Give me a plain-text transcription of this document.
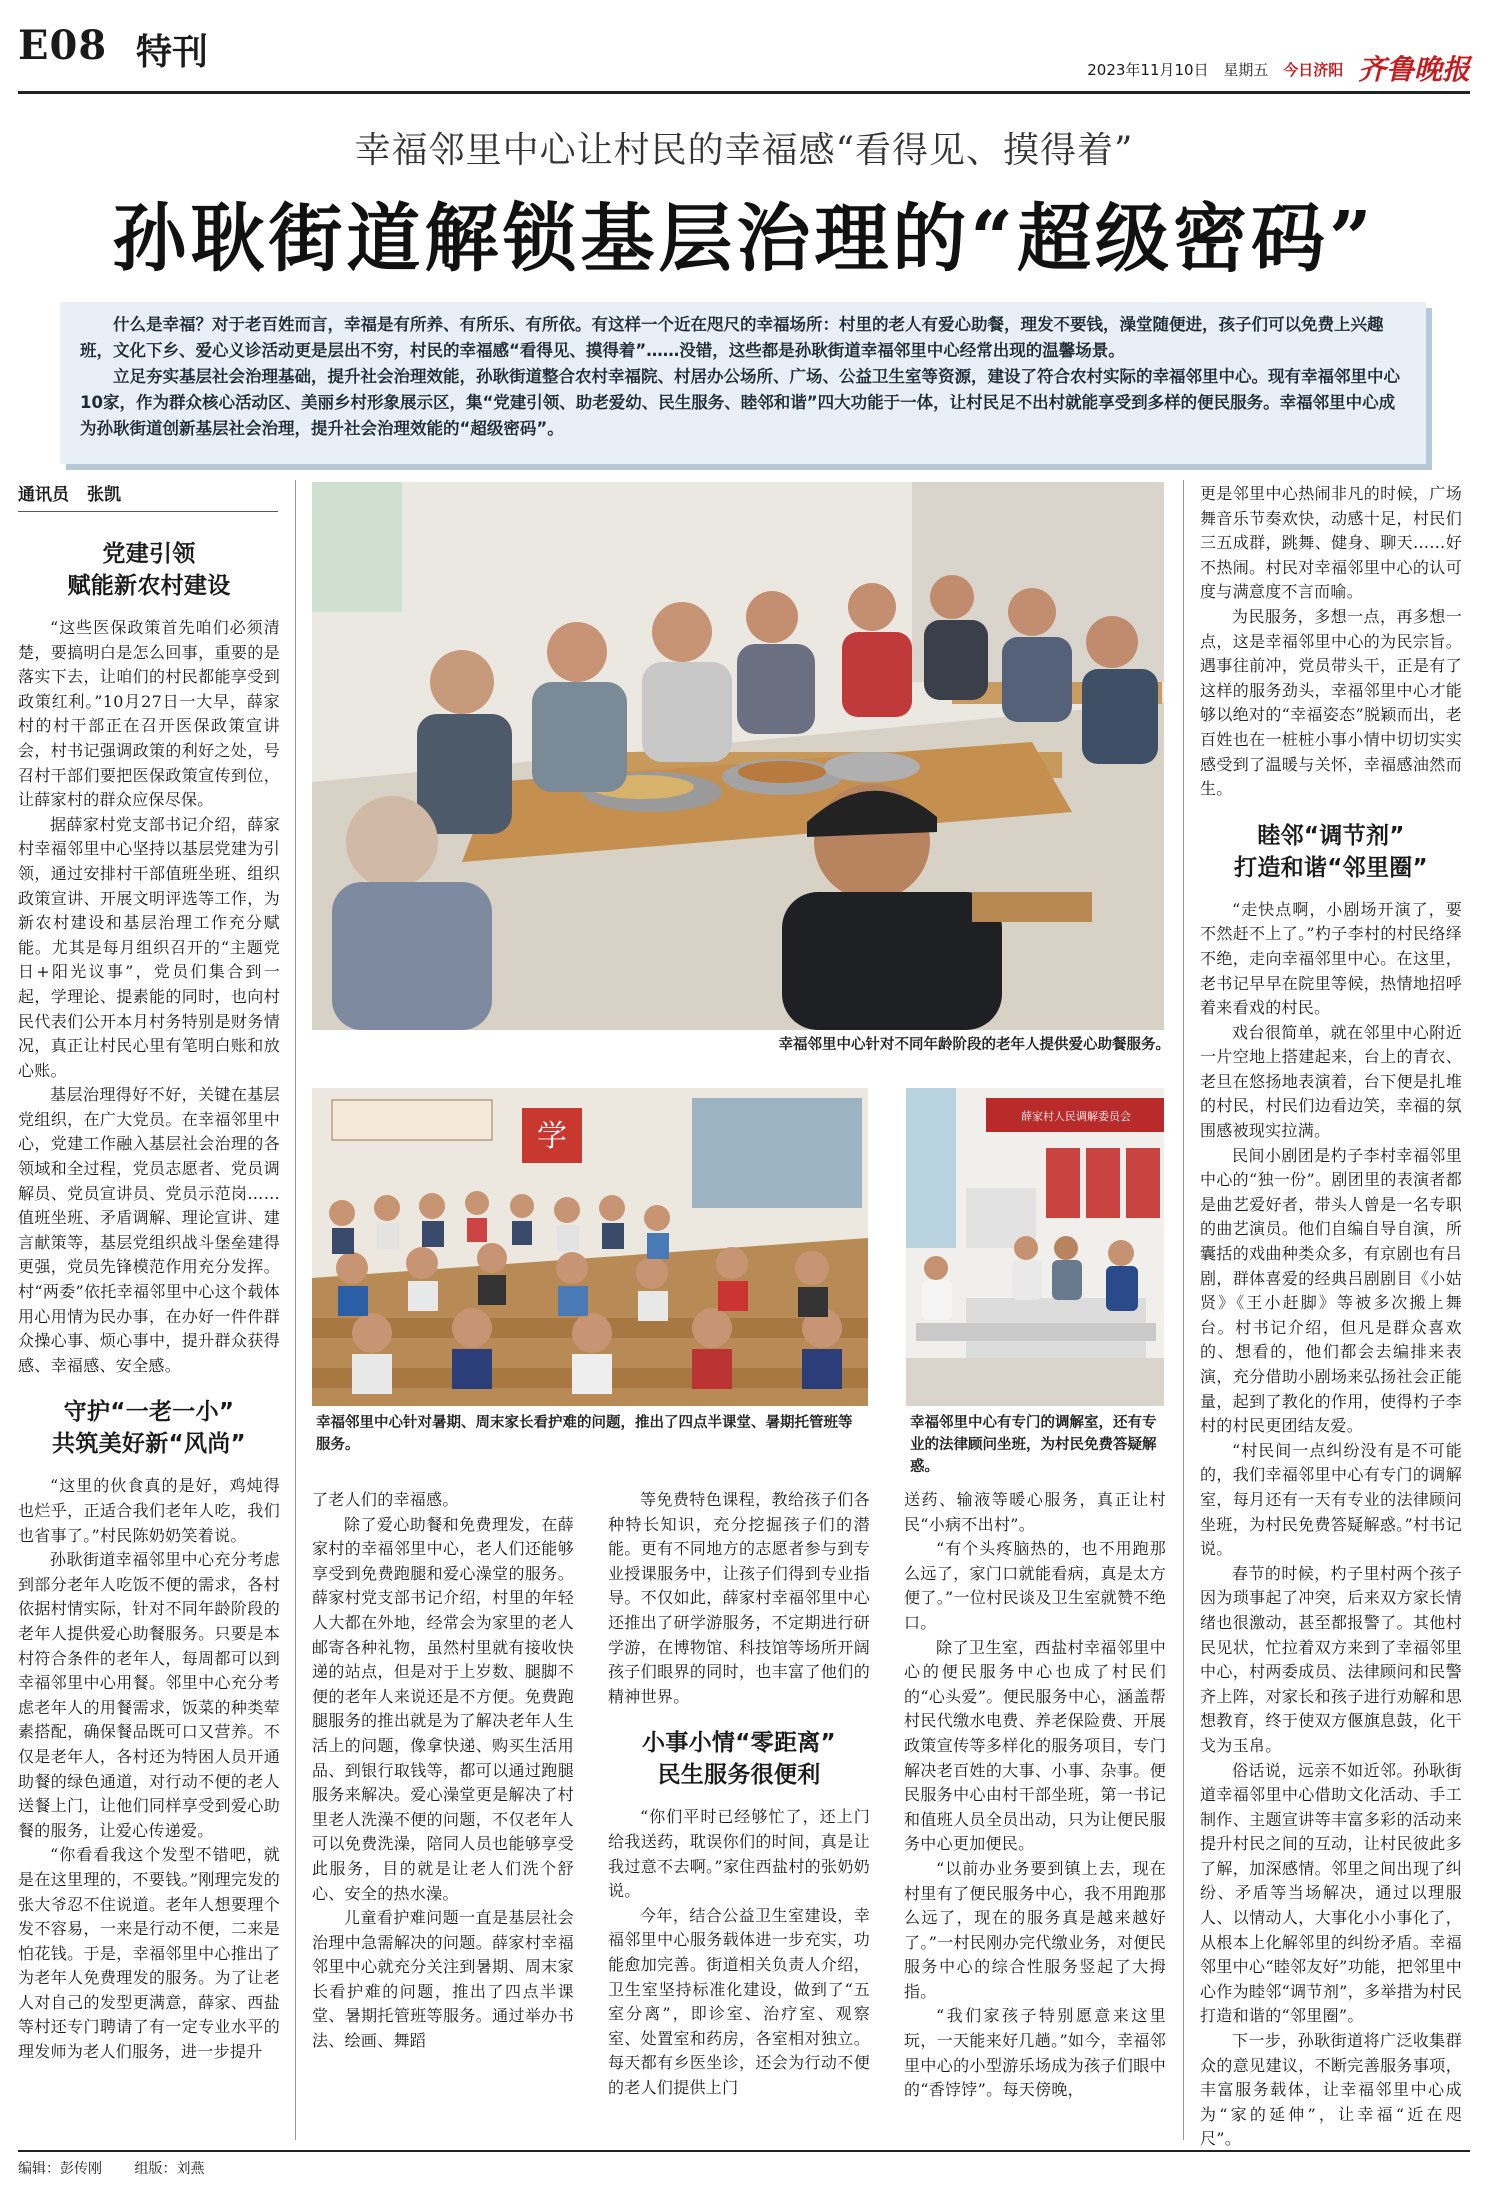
E08 特刊	2023年11月10日 星期五 今日济阳 齐鲁晚报
幸福邻里中心让村民的幸福感“看得见、摸得着”
孙耿街道解锁基层治理的“超级密码”

什么是幸福？对于老百姓而言，幸福是有所养、有所乐、有所依。有这样一个近在咫尺的幸福场所：村里的老人有爱心助餐，理发不要钱，澡堂随便进，孩子们可以免费上兴趣班，文化下乡、爱心义诊活动更是层出不穷，村民的幸福感“看得见、摸得着”……没错，这些都是孙耿街道幸福邻里中心经常出现的温馨场景。

立足夯实基层社会治理基础，提升社会治理效能，孙耿街道整合农村幸福院、村居办公场所、广场、公益卫生室等资源，建设了符合农村实际的幸福邻里中心。现有幸福邻里中心10家，作为群众核心活动区、美丽乡村形象展示区，集“党建引领、助老爱幼、民生服务、睦邻和谐”四大功能于一体，让村民足不出村就能享受到多样的便民服务。幸福邻里中心成为孙耿街道创新基层社会治理，提升社会治理效能的“超级密码”。

通讯员 张凯
党建引领
赋能新农村建设

“这些医保政策首先咱们必须清楚，要搞明白是怎么回事，重要的是落实下去，让咱们的村民都能享受到政策红利。”10月27日一大早，薛家村的村干部正在召开医保政策宣讲会，村书记强调政策的利好之处，号召村干部们要把医保政策宣传到位，让薛家村的群众应保尽保。

据薛家村党支部书记介绍，薛家村幸福邻里中心坚持以基层党建为引领，通过安排村干部值班坐班、组织政策宣讲、开展文明评选等工作，为新农村建设和基层治理工作充分赋能。尤其是每月组织召开的“主题党日+阳光议事”，党员们集合到一起，学理论、提素能的同时，也向村民代表们公开本月村务特别是财务情况，真正让村民心里有笔明白账和放心账。

基层治理得好不好，关键在基层党组织，在广大党员。在幸福邻里中心，党建工作融入基层社会治理的各领域和全过程，党员志愿者、党员调解员、党员宣讲员、党员示范岗……值班坐班、矛盾调解、理论宣讲、建言献策等，基层党组织战斗堡垒建得更强，党员先锋模范作用充分发挥。村“两委”依托幸福邻里中心这个载体用心用情为民办事，在办好一件件群众操心事、烦心事中，提升群众获得感、幸福感、安全感。

守护“一老一小”
共筑美好新“风尚”

“这里的伙食真的是好，鸡炖得也烂乎，正适合我们老年人吃，我们也省事了。”村民陈奶奶笑着说。

孙耿街道幸福邻里中心充分考虑到部分老年人吃饭不便的需求，各村依据村情实际，针对不同年龄阶段的老年人提供爱心助餐服务。只要是本村符合条件的老年人，每周都可以到幸福邻里中心用餐。邻里中心充分考虑老年人的用餐需求，饭菜的种类荤素搭配，确保餐品既可口又营养。不仅是老年人，各村还为特困人员开通助餐的绿色通道，对行动不便的老人送餐上门，让他们同样享受到爱心助餐的服务，让爱心传递爱。

“你看看我这个发型不错吧，就是在这里理的，不要钱。”刚理完发的张大爷忍不住说道。老年人想要理个发不容易，一来是行动不便，二来是怕花钱。于是，幸福邻里中心推出了为老年人免费理发的服务。为了让老人对自己的发型更满意，薛家、西盐等村还专门聘请了有一定专业水平的理发师为老人们服务，进一步提升

幸福邻里中心针对不同年龄阶段的老年人提供爱心助餐服务。
学
幸福邻里中心针对暑期、周末家长看护难的问题，推出了四点半课堂、暑期托管班等服务。
薛家村人民调解委员会
幸福邻里中心有专门的调解室，还有专业的法律顾问坐班，为村民免费答疑解惑。

了老人们的幸福感。

除了爱心助餐和免费理发，在薛家村的幸福邻里中心，老人们还能够享受到免费跑腿和爱心澡堂的服务。薛家村党支部书记介绍，村里的年轻人大都在外地，经常会为家里的老人邮寄各种礼物，虽然村里就有接收快递的站点，但是对于上岁数、腿脚不便的老年人来说还是不方便。免费跑腿服务的推出就是为了解决老年人生活上的问题，像拿快递、购买生活用品、到银行取钱等，都可以通过跑腿服务来解决。爱心澡堂更是解决了村里老人洗澡不便的问题，不仅老年人可以免费洗澡，陪同人员也能够享受此服务，目的就是让老人们洗个舒心、安全的热水澡。

儿童看护难问题一直是基层社会治理中急需解决的问题。薛家村幸福邻里中心就充分关注到暑期、周末家长看护难的问题，推出了四点半课堂、暑期托管班等服务。通过举办书法、绘画、舞蹈

等免费特色课程，教给孩子们各种特长知识，充分挖掘孩子们的潜能。更有不同地方的志愿者参与到专业授课服务中，让孩子们得到专业指导。不仅如此，薛家村幸福邻里中心还推出了研学游服务，不定期进行研学游，在博物馆、科技馆等场所开阔孩子们眼界的同时，也丰富了他们的精神世界。

小事小情“零距离”
民生服务很便利

“你们平时已经够忙了，还上门给我送药，耽误你们的时间，真是让我过意不去啊。”家住西盐村的张奶奶说。

今年，结合公益卫生室建设，幸福邻里中心服务载体进一步充实，功能愈加完善。街道相关负责人介绍，卫生室坚持标准化建设，做到了“五室分离”，即诊室、治疗室、观察室、处置室和药房，各室相对独立。每天都有乡医坐诊，还会为行动不便的老人们提供上门

送药、输液等暖心服务，真正让村民“小病不出村”。

“有个头疼脑热的，也不用跑那么远了，家门口就能看病，真是太方便了。”一位村民谈及卫生室就赞不绝口。

除了卫生室，西盐村幸福邻里中心的便民服务中心也成了村民们的“心头爱”。便民服务中心，涵盖帮村民代缴水电费、养老保险费、开展政策宣传等多样化的服务项目，专门解决老百姓的大事、小事、杂事。便民服务中心由村干部坐班，第一书记和值班人员全员出动，只为让便民服务中心更加便民。

“以前办业务要到镇上去，现在村里有了便民服务中心，我不用跑那么远了，现在的服务真是越来越好了。”一村民刚办完代缴业务，对便民服务中心的综合性服务竖起了大拇指。

“我们家孩子特别愿意来这里玩，一天能来好几趟。”如今，幸福邻里中心的小型游乐场成为孩子们眼中的“香饽饽”。每天傍晚，

更是邻里中心热闹非凡的时候，广场舞音乐节奏欢快，动感十足，村民们三五成群，跳舞、健身、聊天……好不热闹。村民对幸福邻里中心的认可度与满意度不言而喻。

为民服务，多想一点，再多想一点，这是幸福邻里中心的为民宗旨。遇事往前冲，党员带头干，正是有了这样的服务劲头，幸福邻里中心才能够以绝对的“幸福姿态”脱颖而出，老百姓也在一桩桩小事小情中切切实实感受到了温暖与关怀，幸福感油然而生。

睦邻“调节剂”
打造和谐“邻里圈”

“走快点啊，小剧场开演了，要不然赶不上了。”杓子李村的村民络绎不绝，走向幸福邻里中心。在这里，老书记早早在院里等候，热情地招呼着来看戏的村民。

戏台很简单，就在邻里中心附近一片空地上搭建起来，台上的青衣、老旦在悠扬地表演着，台下便是扎堆的村民，村民们边看边笑，幸福的氛围感被现实拉满。

民间小剧团是杓子李村幸福邻里中心的“独一份”。剧团里的表演者都是曲艺爱好者，带头人曾是一名专职的曲艺演员。他们自编自导自演，所囊括的戏曲种类众多，有京剧也有吕剧，群体喜爱的经典吕剧剧目《小姑贤》《王小赶脚》等被多次搬上舞台。村书记介绍，但凡是群众喜欢的、想看的，他们都会去编排来表演，充分借助小剧场来弘扬社会正能量，起到了教化的作用，使得杓子李村的村民更团结友爱。

“村民间一点纠纷没有是不可能的，我们幸福邻里中心有专门的调解室，每月还有一天有专业的法律顾问坐班，为村民免费答疑解惑。”村书记说。

春节的时候，杓子里村两个孩子因为琐事起了冲突，后来双方家长情绪也很激动，甚至都报警了。其他村民见状，忙拉着双方来到了幸福邻里中心，村两委成员、法律顾问和民警齐上阵，对家长和孩子进行劝解和思想教育，终于使双方偃旗息鼓，化干戈为玉帛。

俗话说，远亲不如近邻。孙耿街道幸福邻里中心借助文化活动、手工制作、主题宣讲等丰富多彩的活动来提升村民之间的互动，让村民彼此多了解，加深感情。邻里之间出现了纠纷、矛盾等当场解决，通过以理服人、以情动人，大事化小小事化了，从根本上化解邻里的纠纷矛盾。幸福邻里中心“睦邻友好”功能，把邻里中心作为睦邻“调节剂”，多举措为村民打造和谐的“邻里圈”。

下一步，孙耿街道将广泛收集群众的意见建议，不断完善服务事项，丰富服务载体，让幸福邻里中心成为“家的延伸”，让幸福“近在咫尺”。

编辑：彭传刚 组版：刘燕
